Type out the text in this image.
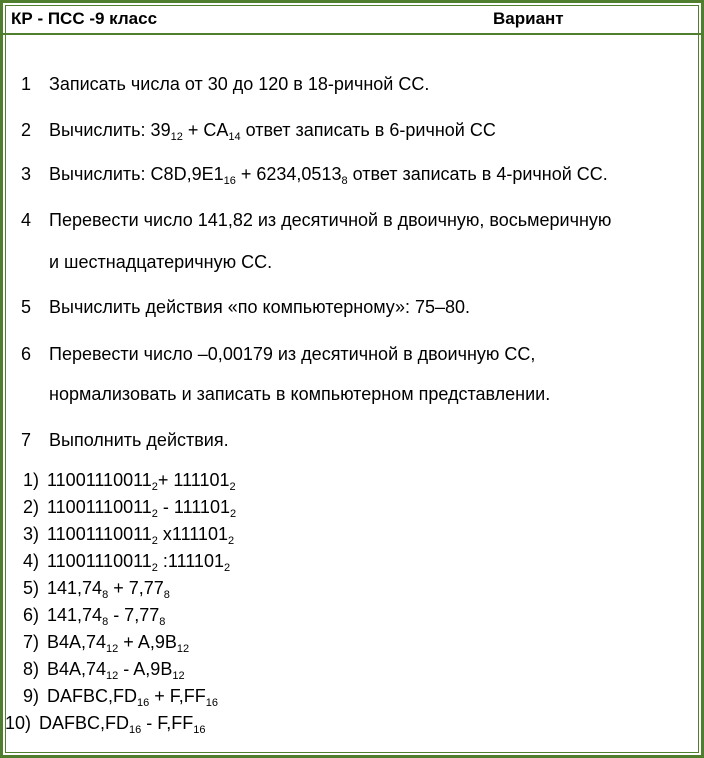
КР - ПСС -9 класс	Вариант
1 Записать числа от 30 до 120 в 18-ричной СС.
2 Вычислить: $39_{12} + CA_{14}$ ответ записать в 6-ричной СС
3 Вычислить: $C8D,9E1_{16} + 6234,0513_8$ ответ записать в 4-ричной СС.
4 Перевести число 141,82 из десятичной в двоичную, восьмеричную
и шестнадцатеричную СС.
5 Вычислить действия «по компьютерному»: 75–80.
6 Перевести число –0,00179 из десятичной в двоичную СС,
нормализовать и записать в компьютерном представлении.
7 Выполнить действия.
1) $11001110011_2+ 111101_2$
2) $11001110011_2 - 111101_2$
3) $11001110011_2$ $x111101_2$
4) $11001110011_2$ $:111101_2$
5) $141,74_8 + 7,77_8$
6) $141,74_8 - 7,77_8$
7) $B4A,74_{12} + A,9B_{12}$
8) $B4A,74_{12} - A,9B_{12}$
9) $DAFBC,FD_{16} + F,FF_{16}$
10) $DAFBC,FD_{16} - F,FF_{16}$
